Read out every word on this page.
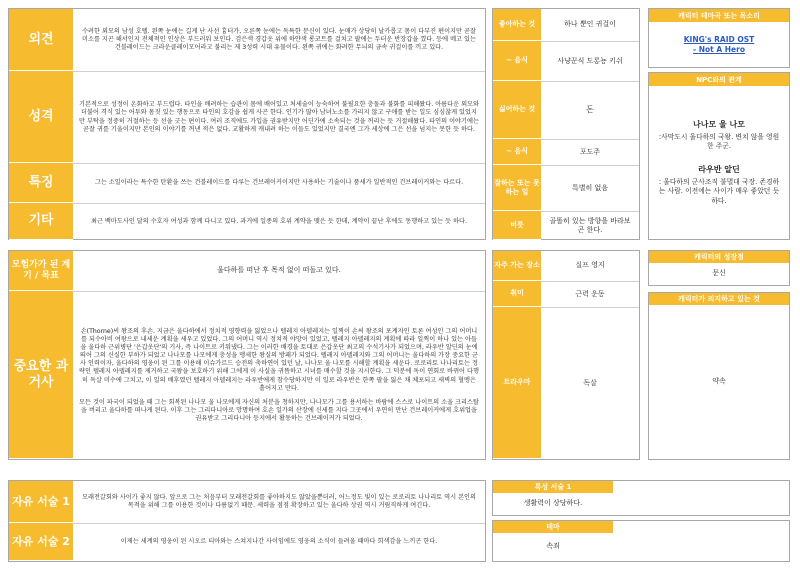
외견
성격
특징
기타
수려한 외모의 남성 호텔. 왼쪽 눈에는 길게 난 사선 흉터가, 오른쪽 눈에는 독특한 문신이 있다. 눈매가 상당히 날카롭고 몸이 다부진 편이지만 곧잘 미소를 지곤 해서인지 전체적인 인상은 부드러워 보인다. 검은색 경갑옷 위에 하얀색 롱코트를 걸치고 팔에는 두터운 반장갑을 꼈다. 등에 메고 있는 건블레이드는 크라운클레이모어라고 불리는 제 3성력 시대 유물이다. 왼쪽 귀에는 화려한 무늬의 금속 귀걸이를 끼고 있다.
기본적으로 성정이 온화하고 부드럽다. 타인을 배려하는 습관이 몸에 배어있고 처세술이 능숙하여 불필요한 충돌과 불화를 피해왔다. 아름다운 외모와 더불어 격식 있는 어투와 몸짓 있는 행동으로 타인의 호감을 쉽게 사곤 한다. 인기가 많아 남녀노소를 가리지 않고 구애를 받는 일도 심심찮게 있었지만 부탁을 정중히 거절하는 등 선을 긋는 편이다. 여러 조직에도 가입을 권유받지만 어딘가에 소속되는 것을 꺼리는 듯 거절해왔다. 타인의 이야기에는 곧잘 귀를 기울이지만 본인의 이야기를 꺼낸 적은 없다. 교활하게 캐내려 하는 이들도 있었지만 결국엔 그가 세상에 그은 선을 넘지는 못한 듯 하다.
그는 소일이라는 특수한 탄환을 쓰는 건블레이드를 다루는 건브레이커이지만 사용하는 기술이나 품새가 일반적인 건브레이커와는 다르다.
최근 백마도사인 달의 수호자 여성과 함께 다니고 있다. 과거에 일종의 호위 계약을 맺은 듯 한데, 계약이 끝난 후에도 동행하고 있는 듯 하다.
좋아하는 것
~ 음식
싫어하는 것
~ 음식
잘하는 또는 못하는 일
버릇
하나 뿐인 귀걸이
사냥꾼식 도롱뇽 키쉬
돈
포도주
특별히 없음
골똘히 있는 방향을 바라보곤 한다.
캐릭터 테마곡 또는 목소리
KING's RAID OST
- Not A Hero
NPC와의 관계
나나모 울 나모
:사막도시 울다하의 국왕. 변치 않을 영원한 주군.
라우반 알딘
: 울다하의 군사조직 불멸대 국장. 존경하는 사람. 이전에는 사이가 매우 좋았던 듯 하다.
모험가가 된 계기 / 목표
중요한 과거사
울다하를 떠난 후 목적 없이 떠돌고 있다.
손(Thorne)씨 왕조의 후손. 지금은 울다하에서 정치적 영향력을 잃었으나 텔레지 아델레지는 일찍이 손씨 왕조의 포계자인 토론 여성인 그의 어머니를 되수아비 여왕으로 내세운 계획을 세우고 있었다. 그의 어머니 역시 정치적 야망이 있었고, 텔레지 아델레지의 계획에 따라 일찍이 하나 있는 아들을 울다하 근위병단 '은갑옷단'의 기사, 즉 나이트로 키워냈다. 그는 이러한 배경을 토대로 은갑옷단 최고의 수석기사가 되었으며, 라우반 알딘의 눈에 띄어 그의 신실한 부하가 되었고 나나모를 나모에게 충성을 맹세한 왕실의 방패가 되었다. 텔레지 아델레지와 그의 어머니는 울다하의 가장 중요한 군사 인력이자, 울다하의 영웅이 된 그를 이용해 이슈가르드 승전의 축하연이 있던 날, 나나모 울 나모를 시해할 계획을 세운다. 로로리토 나나리토는 정략인 텔레지 아델레지를 제거하고 국왕을 보호하기 위해 그에게 이 사실을 귀뜸하고 시녀를 매수할 것을 지시한다. 그 덕분에 독이 연회로 바뀌어 다행히 독살 미수에 그치고, 이 일의 배후였던 텔레지 아델레지는 라우반에게 참수당하지만 이 일로 라우반은 한쪽 팔을 잃은 채 체포되고 새벽의 혈맹은 흩어지고 만다.
모든 것이 파국이 되었을 때 그는 회복된 나나모 울 나모에게 자신의 처분을 청하지만, 나나모가 그를 용서하는 바람에 스스로 나이트의 소울 크리스탈을 버리고 울다하를 떠나게 된다. 이후 그는 그리다니아로 망명하여 호손 일가의 산장에 신세를 지다 그곳에서 우연히 만난 건브레이커에게 호위업을 권유받고 그리다니아 등지에서 활동하는 건브레이커가 되었다.
자주 가는 장소
취미
트라우마
실프 영지
근력 운동
독살
캐릭터의 성장점
문신
캐릭터가 의지하고 있는 것
약속
자유 서술 1
자유 서술 2
모래전갈회와 사이가 좋지 않다. 앞으로 그는 처음부터 모래전갈회를 좋아하지도 않았을뿐더러, 어느정도 빛이 있는 로로리토 나나리토 역시 본인의 목적을 위해 그를 이용한 것이나 다름없기 때문. 세력을 점점 확장하고 있는 울다하 상권 역시 거림직하게 여긴다.
이제는 세계의 영웅이 된 시오르 티아와는 스쳐지나간 사이임에도 영웅의 소식이 들려올 때마다 희색감을 느끼곤 한다.
특성 서술 1
생활력이 상당하다.
테마
속죄
